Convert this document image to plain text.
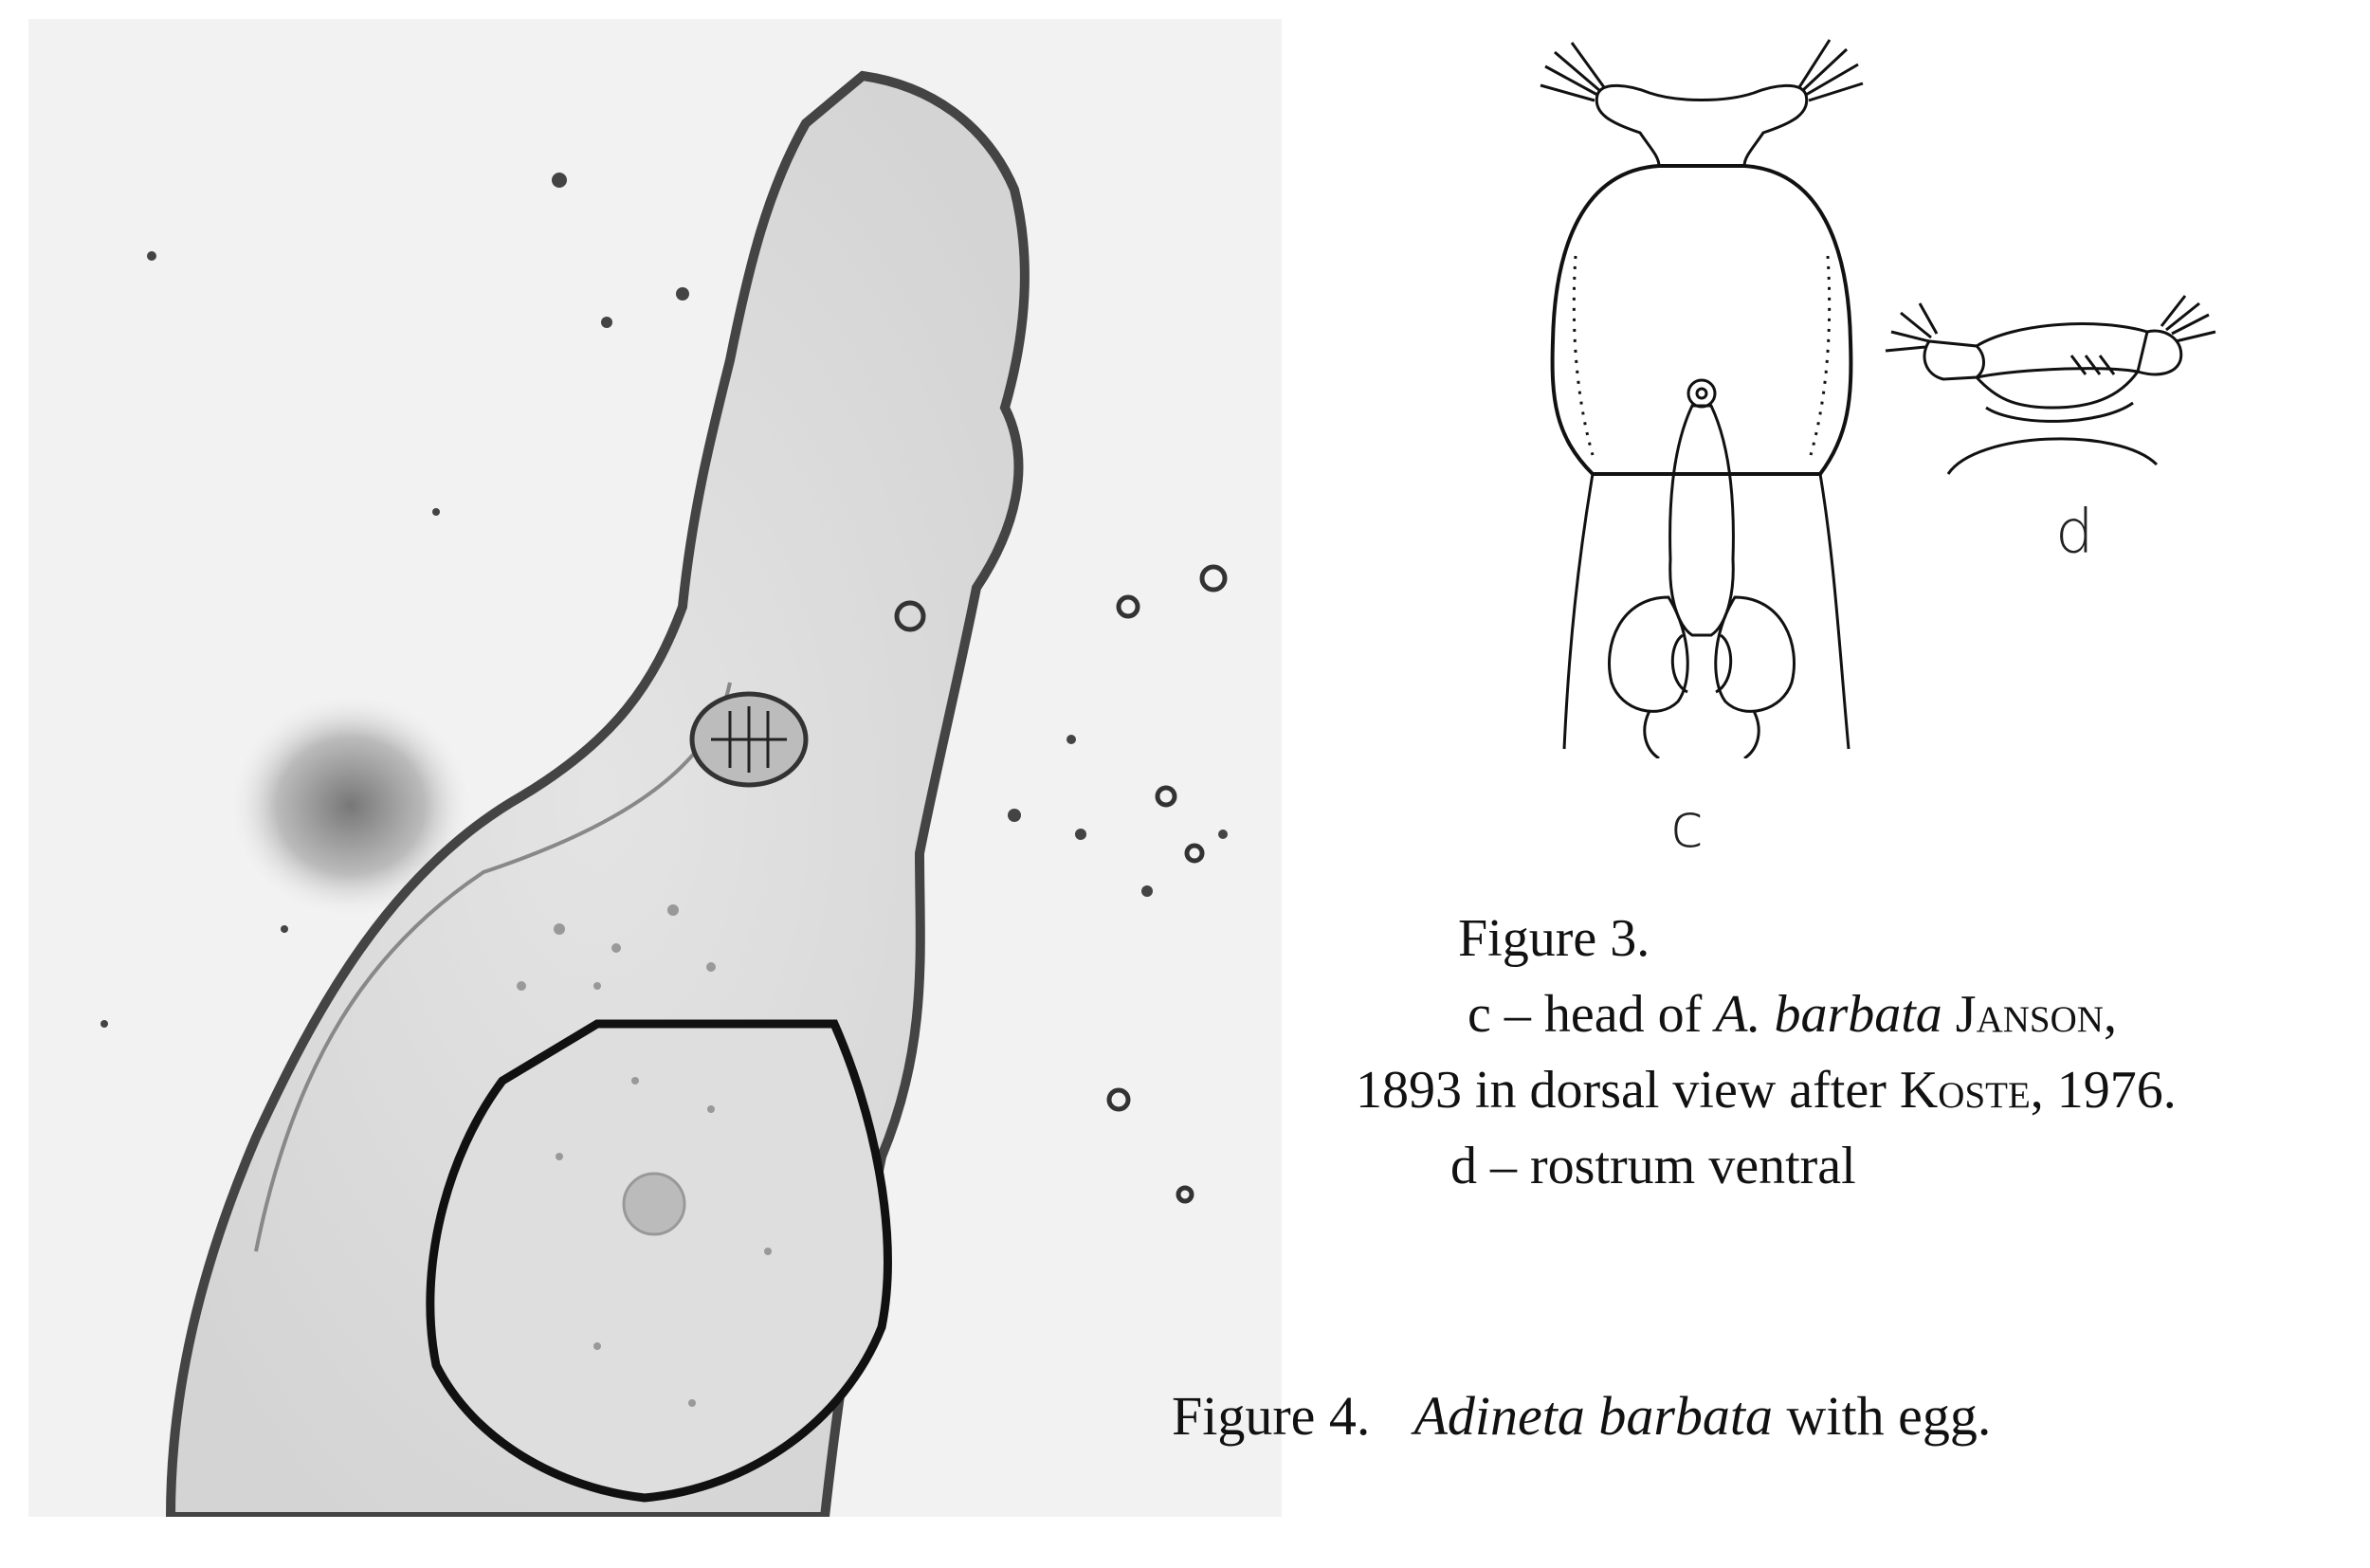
c
d
Figure 3.
c – head of A. barbata Janson,
1893 in dorsal view after Koste, 1976.
d – rostrum ventral
Figure 4. Adineta barbata with egg.
